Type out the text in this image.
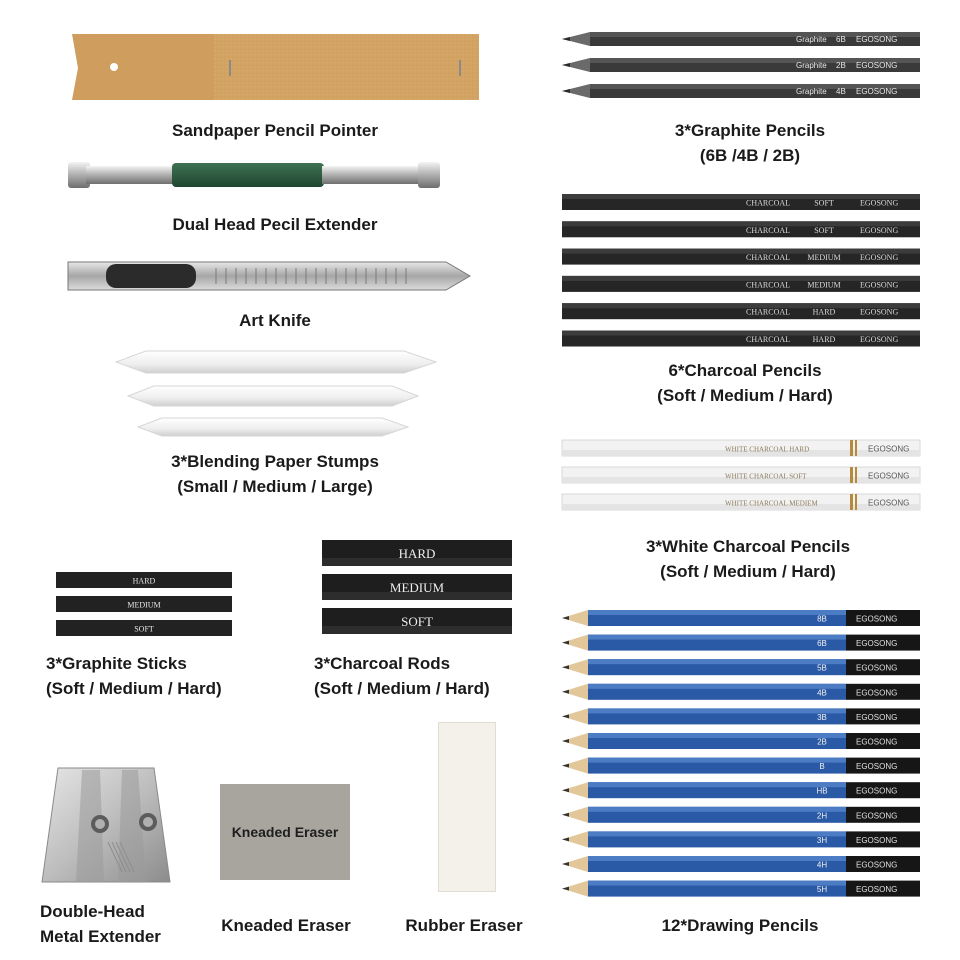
Sandpaper Pencil Pointer
Dual Head Pecil Extender
Art Knife
3*Blending Paper Stumps
(Small / Medium / Large)
Graphite 6B EGOSONG
Graphite 2B EGOSONG
Graphite 4B EGOSONG
3*Graphite Pencils
(6B /4B / 2B)
CHARCOAL	SOFT	EGOSONG
CHARCOAL	SOFT	EGOSONG
CHARCOAL MEDIUM EGOSONG
CHARCOAL MEDIUM EGOSONG
CHARCOAL	HARD	EGOSONG
CHARCOAL	HARD	EGOSONG
6*Charcoal Pencils
(Soft / Medium / Hard)
WHITE CHARCOAL HARD	EGOSONG
WHITE CHARCOAL SOFT	EGOSONG
WHITE CHARCOAL MEDIEM	EGOSONG
3*White Charcoal Pencils
(Soft / Medium / Hard)
HARD
MEDIUM
SOFT
3*Graphite Sticks
(Soft / Medium / Hard)
HARD
MEDIUM
SOFT
3*Charcoal Rods
(Soft / Medium / Hard)
8B	EGOSONG
6B	EGOSONG
5B	EGOSONG
4B	EGOSONG
3B	EGOSONG
2B	EGOSONG
B	EGOSONG
HB	EGOSONG
2H	EGOSONG
3H	EGOSONG
4H	EGOSONG
5H	EGOSONG
12*Drawing Pencils
Double-Head
Metal Extender
Kneaded Eraser
Kneaded Eraser	Rubber Eraser
